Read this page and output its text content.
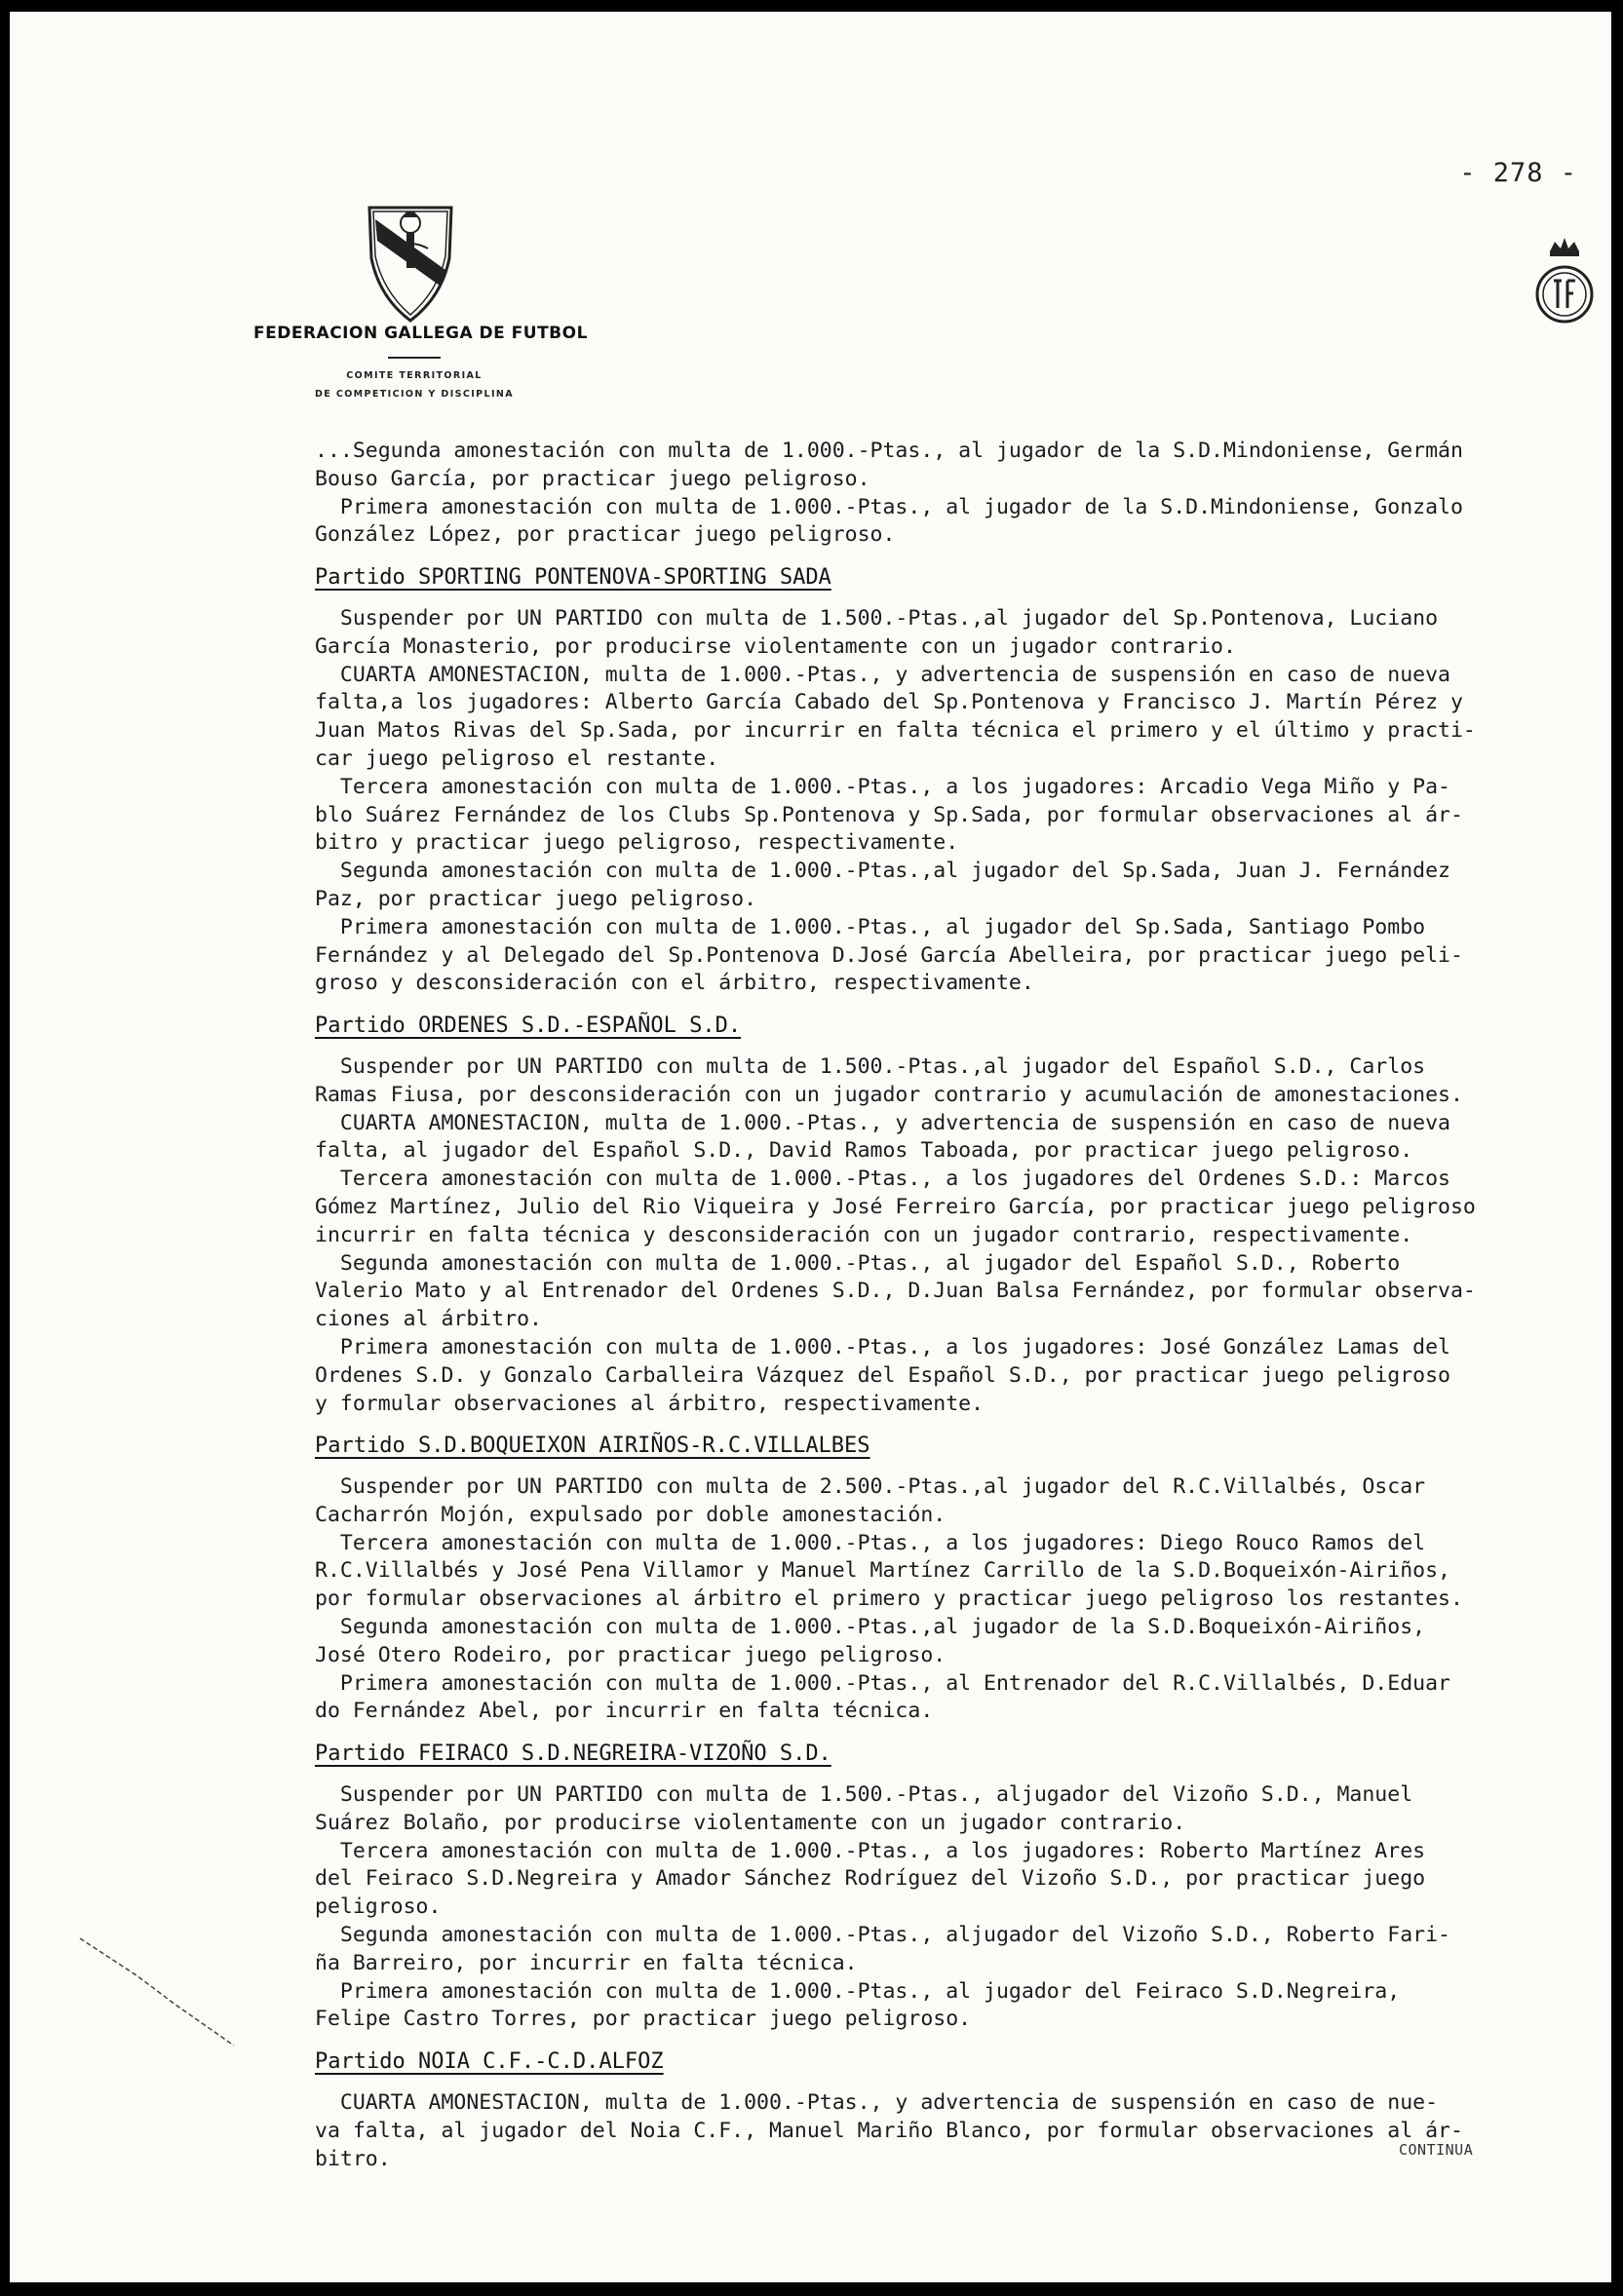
- 278 -
FEDERACION GALLEGA DE FUTBOL
COMITE TERRITORIAL
DE COMPETICION Y DISCIPLINA
...Segunda amonestación con multa de 1.000.-Ptas., al jugador de la S.D.Mindoniense, Germán
Bouso García, por practicar juego peligroso.
Primera amonestación con multa de 1.000.-Ptas., al jugador de la S.D.Mindoniense, Gonzalo
González López, por practicar juego peligroso.
Partido SPORTING PONTENOVA-SPORTING SADA
Suspender por UN PARTIDO con multa de 1.500.-Ptas.,al jugador del Sp.Pontenova, Luciano
García Monasterio, por producirse violentamente con un jugador contrario.
CUARTA AMONESTACION, multa de 1.000.-Ptas., y advertencia de suspensión en caso de nueva
falta,a los jugadores: Alberto García Cabado del Sp.Pontenova y Francisco J. Martín Pérez y
Juan Matos Rivas del Sp.Sada, por incurrir en falta técnica el primero y el último y practi-
car juego peligroso el restante.
Tercera amonestación con multa de 1.000.-Ptas., a los jugadores: Arcadio Vega Miño y Pa-
blo Suárez Fernández de los Clubs Sp.Pontenova y Sp.Sada, por formular observaciones al ár-
bitro y practicar juego peligroso, respectivamente.
Segunda amonestación con multa de 1.000.-Ptas.,al jugador del Sp.Sada, Juan J. Fernández
Paz, por practicar juego peligroso.
Primera amonestación con multa de 1.000.-Ptas., al jugador del Sp.Sada, Santiago Pombo
Fernández y al Delegado del Sp.Pontenova D.José García Abelleira, por practicar juego peli-
groso y desconsideración con el árbitro, respectivamente.
Partido ORDENES S.D.-ESPAÑOL S.D.
Suspender por UN PARTIDO con multa de 1.500.-Ptas.,al jugador del Español S.D., Carlos
Ramas Fiusa, por desconsideración con un jugador contrario y acumulación de amonestaciones.
CUARTA AMONESTACION, multa de 1.000.-Ptas., y advertencia de suspensión en caso de nueva
falta, al jugador del Español S.D., David Ramos Taboada, por practicar juego peligroso.
Tercera amonestación con multa de 1.000.-Ptas., a los jugadores del Ordenes S.D.: Marcos
Gómez Martínez, Julio del Rio Viqueira y José Ferreiro García, por practicar juego peligroso
incurrir en falta técnica y desconsideración con un jugador contrario, respectivamente.
Segunda amonestación con multa de 1.000.-Ptas., al jugador del Español S.D., Roberto
Valerio Mato y al Entrenador del Ordenes S.D., D.Juan Balsa Fernández, por formular observa-
ciones al árbitro.
Primera amonestación con multa de 1.000.-Ptas., a los jugadores: José González Lamas del
Ordenes S.D. y Gonzalo Carballeira Vázquez del Español S.D., por practicar juego peligroso
y formular observaciones al árbitro, respectivamente.
Partido S.D.BOQUEIXON AIRIÑOS-R.C.VILLALBES
Suspender por UN PARTIDO con multa de 2.500.-Ptas.,al jugador del R.C.Villalbés, Oscar
Cacharrón Mojón, expulsado por doble amonestación.
Tercera amonestación con multa de 1.000.-Ptas., a los jugadores: Diego Rouco Ramos del
R.C.Villalbés y José Pena Villamor y Manuel Martínez Carrillo de la S.D.Boqueixón-Airiños,
por formular observaciones al árbitro el primero y practicar juego peligroso los restantes.
Segunda amonestación con multa de 1.000.-Ptas.,al jugador de la S.D.Boqueixón-Airiños,
José Otero Rodeiro, por practicar juego peligroso.
Primera amonestación con multa de 1.000.-Ptas., al Entrenador del R.C.Villalbés, D.Eduar
do Fernández Abel, por incurrir en falta técnica.
Partido FEIRACO S.D.NEGREIRA-VIZOÑO S.D.
Suspender por UN PARTIDO con multa de 1.500.-Ptas., aljugador del Vizoño S.D., Manuel
Suárez Bolaño, por producirse violentamente con un jugador contrario.
Tercera amonestación con multa de 1.000.-Ptas., a los jugadores: Roberto Martínez Ares
del Feiraco S.D.Negreira y Amador Sánchez Rodríguez del Vizoño S.D., por practicar juego
peligroso.
Segunda amonestación con multa de 1.000.-Ptas., aljugador del Vizoño S.D., Roberto Fari-
ña Barreiro, por incurrir en falta técnica.
Primera amonestación con multa de 1.000.-Ptas., al jugador del Feiraco S.D.Negreira,
Felipe Castro Torres, por practicar juego peligroso.
Partido NOIA C.F.-C.D.ALFOZ
CUARTA AMONESTACION, multa de 1.000.-Ptas., y advertencia de suspensión en caso de nue-
va falta, al jugador del Noia C.F., Manuel Mariño Blanco, por formular observaciones al ár-
bitro.	CONTINUA
